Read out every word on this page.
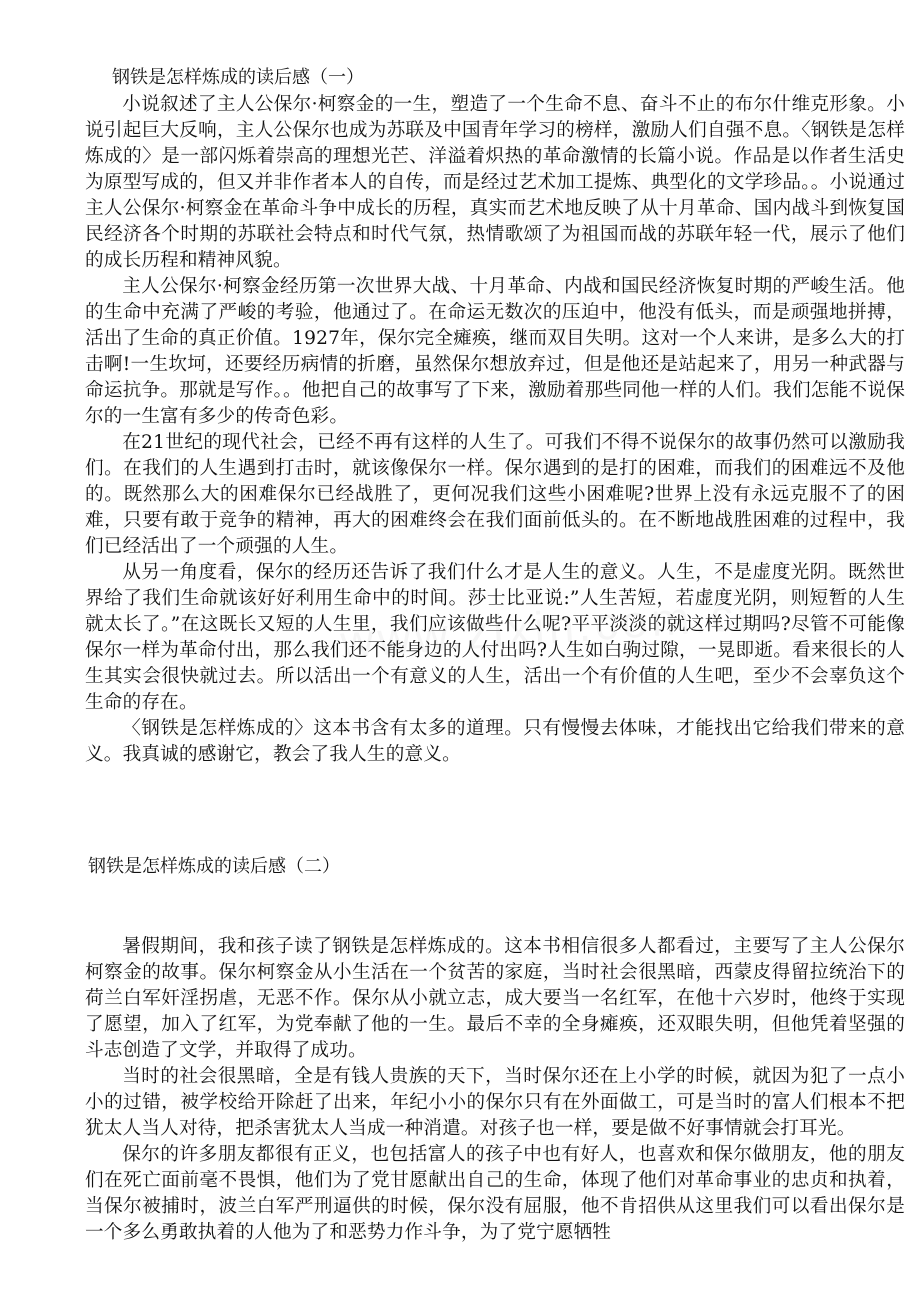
钢铁是怎样炼成的读后感（一）

小说叙述了主人公保尔·柯察金的一生，塑造了一个生命不息、奋斗不止的布尔什维克形象。小说引起巨大反响，主人公保尔也成为苏联及中国青年学习的榜样，激励人们自强不息。〈钢铁是怎样炼成的〉是一部闪烁着崇高的理想光芒、洋溢着炽热的革命激情的长篇小说。作品是以作者生活史为原型写成的，但又并非作者本人的自传，而是经过艺术加工提炼、典型化的文学珍品。。小说通过主人公保尔·柯察金在革命斗争中成长的历程，真实而艺术地反映了从十月革命、国内战斗到恢复国民经济各个时期的苏联社会特点和时代气氛，热情歌颂了为祖国而战的苏联年轻一代，展示了他们的成长历程和精神风貌。

主人公保尔·柯察金经历第一次世界大战、十月革命、内战和国民经济恢复时期的严峻生活。他的生命中充满了严峻的考验，他通过了。在命运无数次的压迫中，他没有低头，而是顽强地拼搏，活出了生命的真正价值。1927年，保尔完全瘫痪，继而双目失明。这对一个人来讲，是多么大的打击啊!一生坎坷，还要经历病情的折磨，虽然保尔想放弃过，但是他还是站起来了，用另一种武器与命运抗争。那就是写作。。他把自己的故事写了下来，激励着那些同他一样的人们。我们怎能不说保尔的一生富有多少的传奇色彩。

在21世纪的现代社会，已经不再有这样的人生了。可我们不得不说保尔的故事仍然可以激励我们。在我们的人生遇到打击时，就该像保尔一样。保尔遇到的是打的困难，而我们的困难远不及他的。既然那么大的困难保尔已经战胜了，更何况我们这些小困难呢?世界上没有永远克服不了的困难，只要有敢于竞争的精神，再大的困难终会在我们面前低头的。在不断地战胜困难的过程中，我们已经活出了一个顽强的人生。

从另一角度看，保尔的经历还告诉了我们什么才是人生的意义。人生，不是虚度光阴。既然世界给了我们生命就该好好利用生命中的时间。莎士比亚说:”人生苦短，若虚度光阴，则短暂的人生就太长了。”在这既长又短的人生里，我们应该做些什么呢?平平淡淡的就这样过期吗?尽管不可能像保尔一样为革命付出，那么我们还不能身边的人付出吗?人生如白驹过隙，一晃即逝。看来很长的人生其实会很快就过去。所以活出一个有意义的人生，活出一个有价值的人生吧，至少不会辜负这个生命的存在。

〈钢铁是怎样炼成的〉这本书含有太多的道理。只有慢慢去体味，才能找出它给我们带来的意义。我真诚的感谢它，教会了我人生的意义。

钢铁是怎样炼成的读后感（二）

暑假期间，我和孩子读了钢铁是怎样炼成的。这本书相信很多人都看过，主要写了主人公保尔柯察金的故事。保尔柯察金从小生活在一个贫苦的家庭，当时社会很黑暗，西蒙皮得留拉统治下的荷兰白军奸淫拐虐，无恶不作。保尔从小就立志，成大要当一名红军，在他十六岁时，他终于实现了愿望，加入了红军，为党奉献了他的一生。最后不幸的全身瘫痪，还双眼失明，但他凭着坚强的斗志创造了文学，并取得了成功。

当时的社会很黑暗，全是有钱人贵族的天下，当时保尔还在上小学的时候，就因为犯了一点小小的过错，被学校给开除赶了出来，年纪小小的保尔只有在外面做工，可是当时的富人们根本不把犹太人当人对待，把杀害犹太人当成一种消遣。对孩子也一样，要是做不好事情就会打耳光。

保尔的许多朋友都很有正义，也包括富人的孩子中也有好人，也喜欢和保尔做朋友，他的朋友们在死亡面前毫不畏惧，他们为了党甘愿献出自己的生命，体现了他们对革命事业的忠贞和执着，当保尔被捕时，波兰白军严刑逼供的时候，保尔没有屈服，他不肯招供从这里我们可以看出保尔是一个多么勇敢执着的人他为了和恶势力作斗争，为了党宁愿牺牲
